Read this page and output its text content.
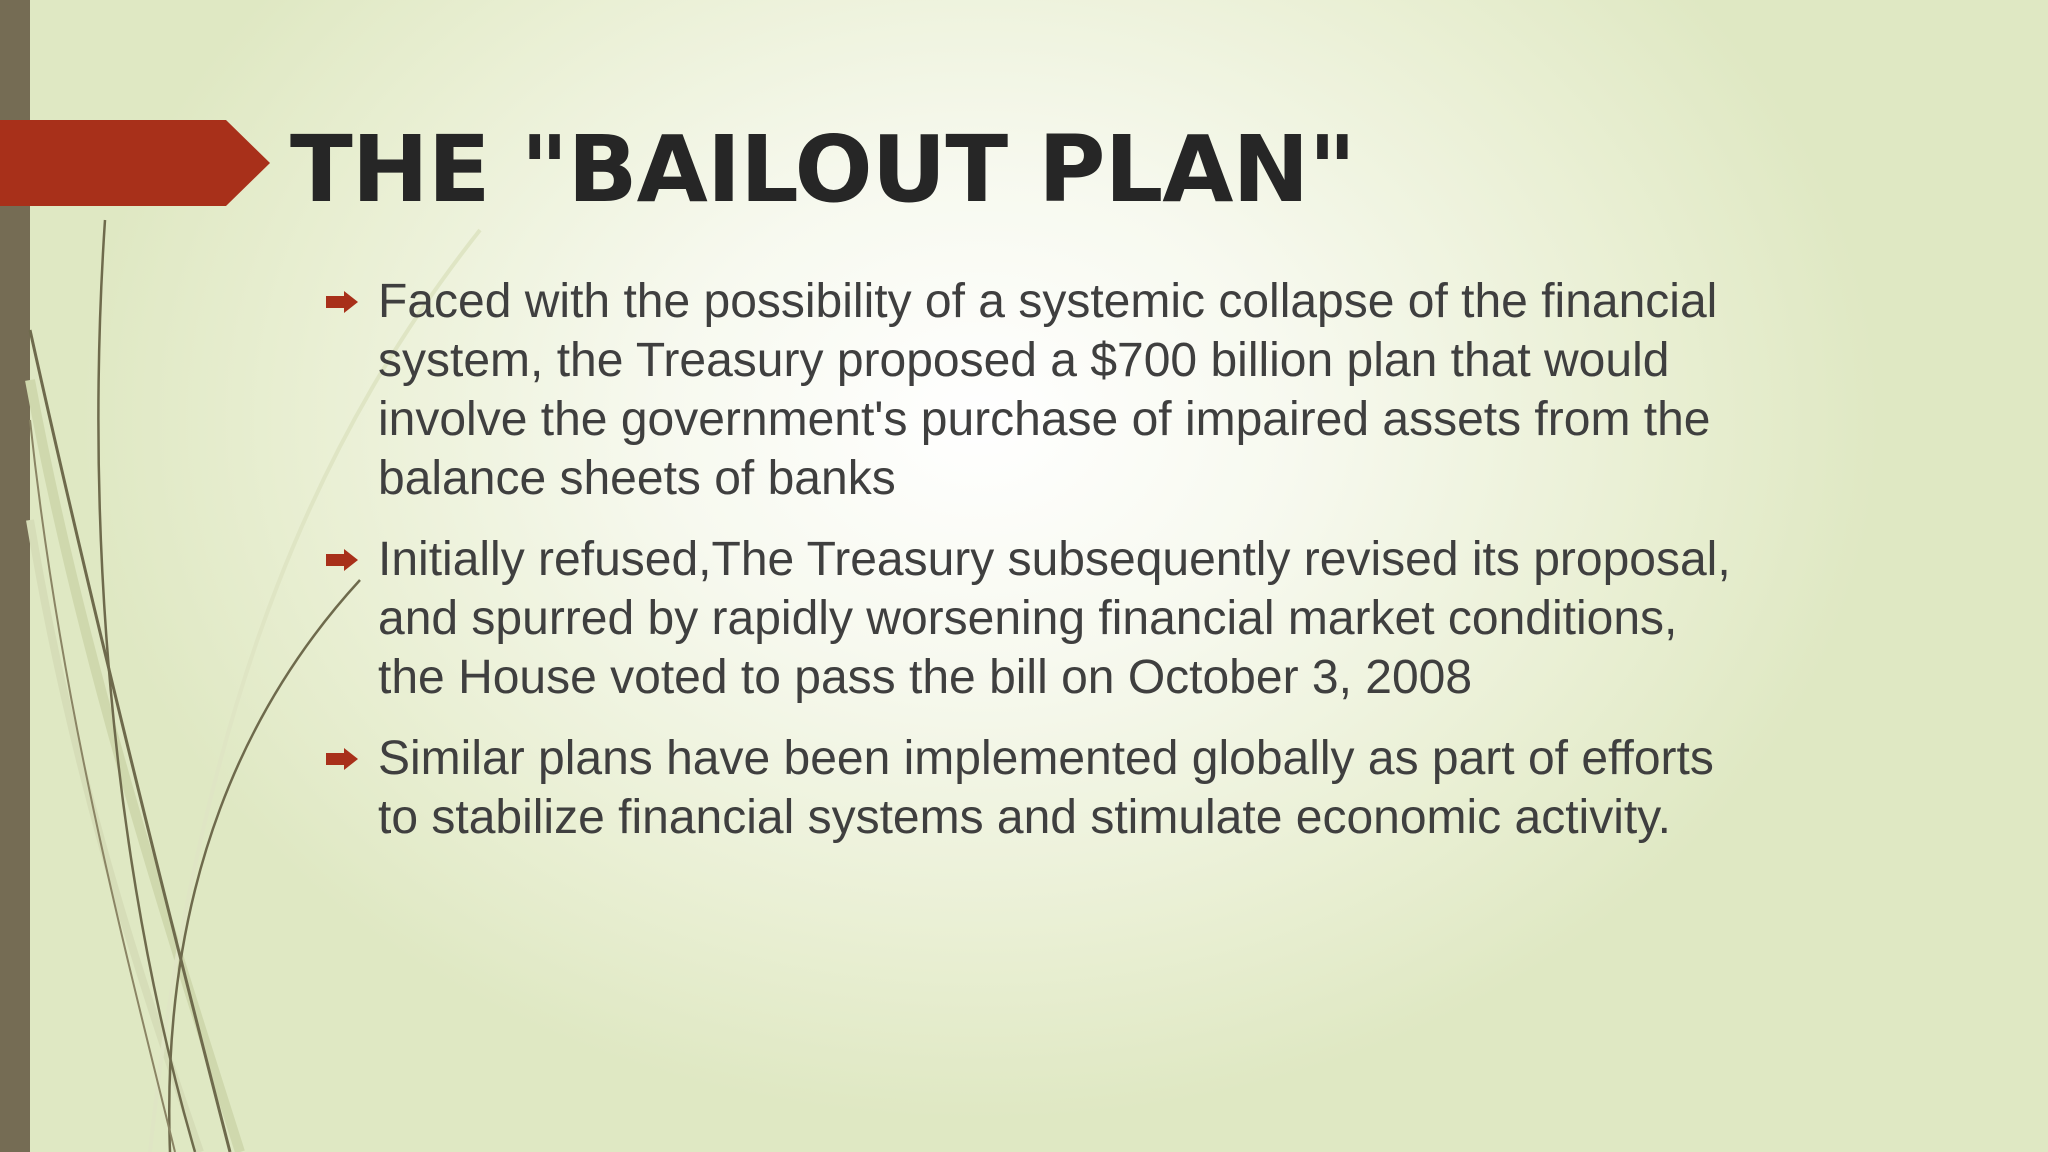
THE "BAILOUT PLAN"
Faced with the possibility of a systemic collapse of the financial system, the Treasury proposed a $700 billion plan that would involve the government's purchase of impaired assets from the balance sheets of banks
Initially refused,The Treasury subsequently revised its proposal, and spurred by rapidly worsening financial market conditions, the House voted to pass the bill on October 3, 2008
Similar plans have been implemented globally as part of efforts to stabilize financial systems and stimulate economic activity.
